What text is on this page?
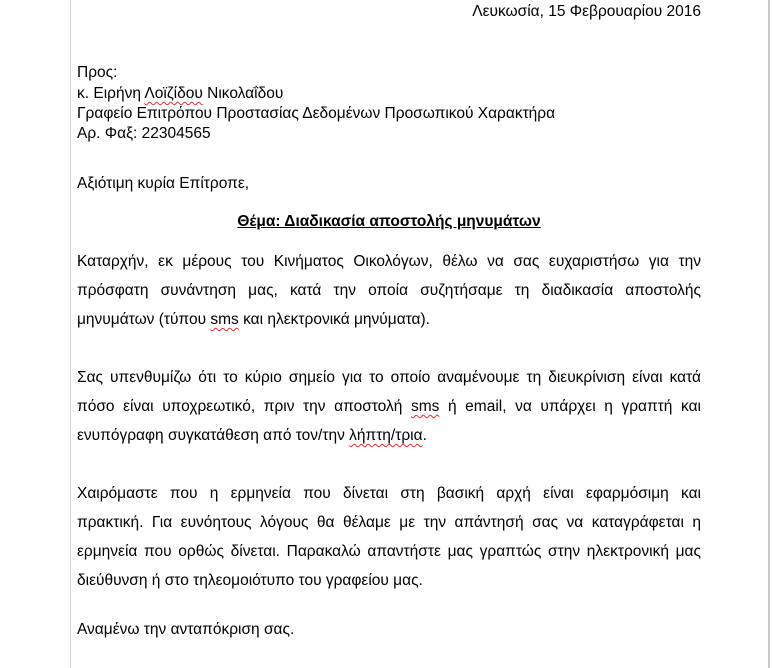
Λευκωσία, 15 Φεβρουαρίου 2016
Προς:
κ. Ειρήνη Λοϊζίδου Νικολαΐδου
Γραφείο Επιτρόπου Προστασίας Δεδομένων Προσωπικού Χαρακτήρα
Αρ. Φαξ: 22304565
Αξιότιμη κυρία Επίτροπε,
Θέμα: Διαδικασία αποστολής μηνυμάτων
Καταρχήν, εκ μέρους του Κινήματος Οικολόγων, θέλω να σας ευχαριστήσω για την
πρόσφατη συνάντηση μας, κατά την οποία συζητήσαμε τη διαδικασία αποστολής
μηνυμάτων (τύπου sms και ηλεκτρονικά μηνύματα).
Σας υπενθυμίζω ότι το κύριο σημείο για το οποίο αναμένουμε τη διευκρίνιση είναι κατά
πόσο είναι υποχρεωτικό, πριν την αποστολή sms ή email, να υπάρχει η γραπτή και
ενυπόγραφη συγκατάθεση από τον/την λήπτη/τρια.
Χαιρόμαστε που η ερμηνεία που δίνεται στη βασική αρχή είναι εφαρμόσιμη και
πρακτική. Για ευνόητους λόγους θα θέλαμε με την απάντησή σας να καταγράφεται η
ερμηνεία που ορθώς δίνεται. Παρακαλώ απαντήστε μας γραπτώς στην ηλεκτρονική μας
διεύθυνση ή στο τηλεομοιότυπο του γραφείου μας.
Αναμένω την ανταπόκριση σας.
